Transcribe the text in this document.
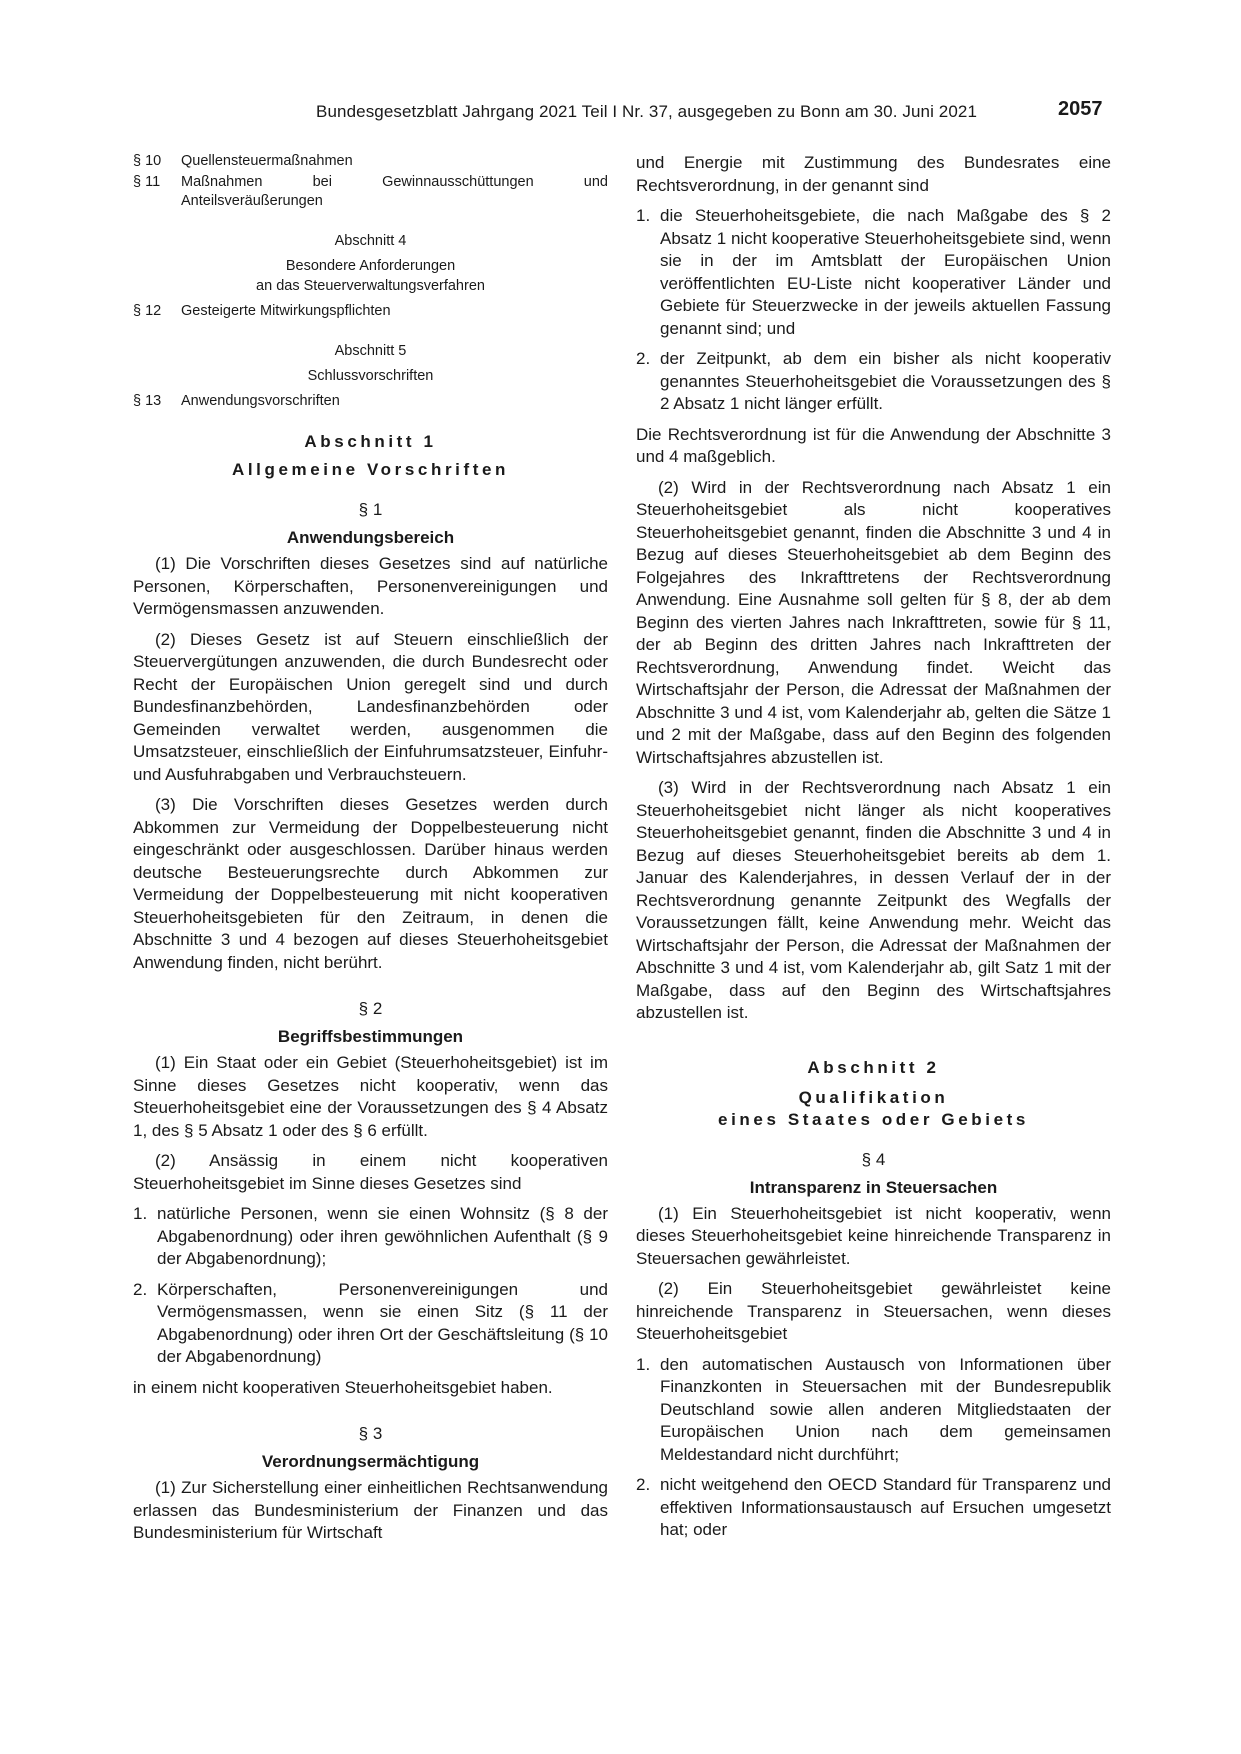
Bundesgesetzblatt Jahrgang 2021 Teil I Nr. 37, ausgegeben zu Bonn am 30. Juni 2021	2057
§ 10	Quellensteuermaßnahmen
§ 11	Maßnahmen bei Gewinnausschüttungen und Anteilsveräußerungen
Abschnitt 4
Besondere Anforderungen
an das Steuerverwaltungsverfahren
§ 12	Gesteigerte Mitwirkungspflichten
Abschnitt 5
Schlussvorschriften
§ 13	Anwendungsvorschriften
Abschnitt 1
Allgemeine Vorschriften
§ 1
Anwendungsbereich

(1) Die Vorschriften dieses Gesetzes sind auf natürliche Personen, Körperschaften, Personenvereinigungen und Vermögensmassen anzuwenden.

(2) Dieses Gesetz ist auf Steuern einschließlich der Steuervergütungen anzuwenden, die durch Bundesrecht oder Recht der Europäischen Union geregelt sind und durch Bundesfinanzbehörden, Landesfinanzbehörden oder Gemeinden verwaltet werden, ausgenommen die Umsatzsteuer, einschließlich der Einfuhrumsatzsteuer, Einfuhr- und Ausfuhrabgaben und Verbrauchsteuern.

(3) Die Vorschriften dieses Gesetzes werden durch Abkommen zur Vermeidung der Doppelbesteuerung nicht eingeschränkt oder ausgeschlossen. Darüber hinaus werden deutsche Besteuerungsrechte durch Abkommen zur Vermeidung der Doppelbesteuerung mit nicht kooperativen Steuerhoheitsgebieten für den Zeitraum, in denen die Abschnitte 3 und 4 bezogen auf dieses Steuerhoheitsgebiet Anwendung finden, nicht berührt.

§ 2
Begriffsbestimmungen

(1) Ein Staat oder ein Gebiet (Steuerhoheitsgebiet) ist im Sinne dieses Gesetzes nicht kooperativ, wenn das Steuerhoheitsgebiet eine der Voraussetzungen des § 4 Absatz 1, des § 5 Absatz 1 oder des § 6 erfüllt.

(2) Ansässig in einem nicht kooperativen Steuerhoheitsgebiet im Sinne dieses Gesetzes sind

1. natürliche Personen, wenn sie einen Wohnsitz (§ 8 der Abgabenordnung) oder ihren gewöhnlichen Aufenthalt (§ 9 der Abgabenordnung);
2. Körperschaften, Personenvereinigungen und Vermögensmassen, wenn sie einen Sitz (§ 11 der Abgabenordnung) oder ihren Ort der Geschäftsleitung (§ 10 der Abgabenordnung)

in einem nicht kooperativen Steuerhoheitsgebiet haben.

§ 3
Verordnungsermächtigung

(1) Zur Sicherstellung einer einheitlichen Rechtsanwendung erlassen das Bundesministerium der Finanzen und das Bundesministerium für Wirtschaft

und Energie mit Zustimmung des Bundesrates eine Rechtsverordnung, in der genannt sind

1. die Steuerhoheitsgebiete, die nach Maßgabe des § 2 Absatz 1 nicht kooperative Steuerhoheitsgebiete sind, wenn sie in der im Amtsblatt der Europäischen Union veröffentlichten EU-Liste nicht kooperativer Länder und Gebiete für Steuerzwecke in der jeweils aktuellen Fassung genannt sind; und
2. der Zeitpunkt, ab dem ein bisher als nicht kooperativ genanntes Steuerhoheitsgebiet die Voraussetzungen des § 2 Absatz 1 nicht länger erfüllt.

Die Rechtsverordnung ist für die Anwendung der Abschnitte 3 und 4 maßgeblich.

(2) Wird in der Rechtsverordnung nach Absatz 1 ein Steuerhoheitsgebiet als nicht kooperatives Steuerhoheitsgebiet genannt, finden die Abschnitte 3 und 4 in Bezug auf dieses Steuerhoheitsgebiet ab dem Beginn des Folgejahres des Inkrafttretens der Rechtsverordnung Anwendung. Eine Ausnahme soll gelten für § 8, der ab dem Beginn des vierten Jahres nach Inkrafttreten, sowie für § 11, der ab Beginn des dritten Jahres nach Inkrafttreten der Rechtsverordnung, Anwendung findet. Weicht das Wirtschaftsjahr der Person, die Adressat der Maßnahmen der Abschnitte 3 und 4 ist, vom Kalenderjahr ab, gelten die Sätze 1 und 2 mit der Maßgabe, dass auf den Beginn des folgenden Wirtschaftsjahres abzustellen ist.

(3) Wird in der Rechtsverordnung nach Absatz 1 ein Steuerhoheitsgebiet nicht länger als nicht kooperatives Steuerhoheitsgebiet genannt, finden die Abschnitte 3 und 4 in Bezug auf dieses Steuerhoheitsgebiet bereits ab dem 1. Januar des Kalenderjahres, in dessen Verlauf der in der Rechtsverordnung genannte Zeitpunkt des Wegfalls der Voraussetzungen fällt, keine Anwendung mehr. Weicht das Wirtschaftsjahr der Person, die Adressat der Maßnahmen der Abschnitte 3 und 4 ist, vom Kalenderjahr ab, gilt Satz 1 mit der Maßgabe, dass auf den Beginn des Wirtschaftsjahres abzustellen ist.

Abschnitt 2
Qualifikation
eines Staates oder Gebiets
§ 4
Intransparenz in Steuersachen

(1) Ein Steuerhoheitsgebiet ist nicht kooperativ, wenn dieses Steuerhoheitsgebiet keine hinreichende Transparenz in Steuersachen gewährleistet.

(2) Ein Steuerhoheitsgebiet gewährleistet keine hinreichende Transparenz in Steuersachen, wenn dieses Steuerhoheitsgebiet

1. den automatischen Austausch von Informationen über Finanzkonten in Steuersachen mit der Bundesrepublik Deutschland sowie allen anderen Mitgliedstaaten der Europäischen Union nach dem gemeinsamen Meldestandard nicht durchführt;
2. nicht weitgehend den OECD Standard für Transparenz und effektiven Informationsaustausch auf Ersuchen umgesetzt hat; oder
